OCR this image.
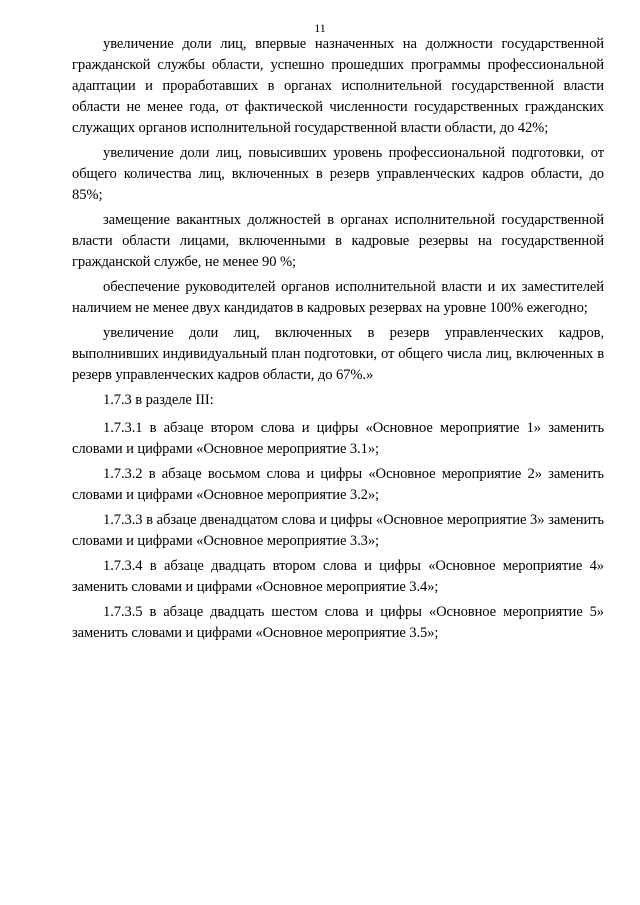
11

увеличение доли лиц, впервые назначенных на должности государственной гражданской службы области, успешно прошедших программы профессиональной адаптации и проработавших в органах исполнительной государственной власти области не менее года, от фактической численности государственных гражданских служащих органов исполнительной государственной власти области, до 42%;

увеличение доли лиц, повысивших уровень профессиональной подготовки, от общего количества лиц, включенных в резерв управленческих кадров области, до 85%;

замещение вакантных должностей в органах исполнительной государственной власти области лицами, включенными в кадровые резервы на государственной гражданской службе, не менее 90 %;

обеспечение руководителей органов исполнительной власти и их заместителей наличием не менее двух кандидатов в кадровых резервах на уровне 100% ежегодно;

увеличение доли лиц, включенных в резерв управленческих кадров, выполнивших индивидуальный план подготовки, от общего числа лиц, включенных в резерв управленческих кадров области, до 67%.»

1.7.3 в разделе III:

1.7.3.1 в абзаце втором слова и цифры «Основное мероприятие 1» заменить словами и цифрами «Основное мероприятие 3.1»;

1.7.3.2 в абзаце восьмом слова и цифры «Основное мероприятие 2» заменить словами и цифрами «Основное мероприятие 3.2»;

1.7.3.3 в абзаце двенадцатом слова и цифры «Основное мероприятие 3» заменить словами и цифрами «Основное мероприятие 3.3»;

1.7.3.4 в абзаце двадцать втором слова и цифры «Основное мероприятие 4» заменить словами и цифрами «Основное мероприятие 3.4»;

1.7.3.5 в абзаце двадцать шестом слова и цифры «Основное мероприятие 5» заменить словами и цифрами «Основное мероприятие 3.5»;
